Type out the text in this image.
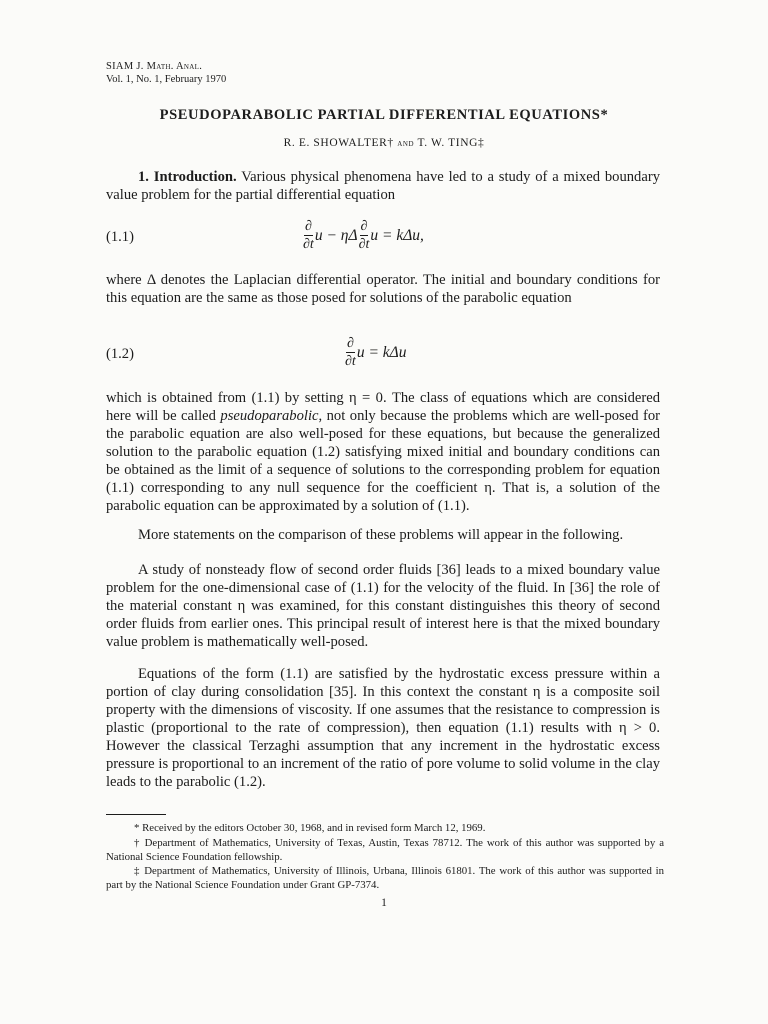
SIAM J. Math. Anal.
Vol. 1, No. 1, February 1970
PSEUDOPARABOLIC PARTIAL DIFFERENTIAL EQUATIONS*
R. E. SHOWALTER† and T. W. TING‡
1. Introduction. Various physical phenomena have led to a study of a mixed boundary value problem for the partial differential equation
(1.1)	$\frac{\partial}{\partial t}$ u − ηΔ $\frac{\partial}{\partial t}$ u = kΔu,
where Δ denotes the Laplacian differential operator. The initial and boundary conditions for this equation are the same as those posed for solutions of the parabolic equation
(1.2)	$\frac{\partial}{\partial t}$ u = kΔu
which is obtained from (1.1) by setting η = 0. The class of equations which are considered here will be called pseudoparabolic, not only because the problems which are well-posed for the parabolic equation are also well-posed for these equations, but because the generalized solution to the parabolic equation (1.2) satisfying mixed initial and boundary conditions can be obtained as the limit of a sequence of solutions to the corresponding problem for equation (1.1) corresponding to any null sequence for the coefficient η. That is, a solution of the parabolic equation can be approximated by a solution of (1.1).
More statements on the comparison of these problems will appear in the following.
A study of nonsteady flow of second order fluids [36] leads to a mixed boundary value problem for the one-dimensional case of (1.1) for the velocity of the fluid. In [36] the role of the material constant η was examined, for this constant distinguishes this theory of second order fluids from earlier ones. This principal result of interest here is that the mixed boundary value problem is mathematically well-posed.
Equations of the form (1.1) are satisfied by the hydrostatic excess pressure within a portion of clay during consolidation [35]. In this context the constant η is a composite soil property with the dimensions of viscosity. If one assumes that the resistance to compression is plastic (proportional to the rate of compression), then equation (1.1) results with η > 0. However the classical Terzaghi assumption that any increment in the hydrostatic excess pressure is proportional to an increment of the ratio of pore volume to solid volume in the clay leads to the parabolic (1.2).
* Received by the editors October 30, 1968, and in revised form March 12, 1969.
† Department of Mathematics, University of Texas, Austin, Texas 78712. The work of this author was supported by a National Science Foundation fellowship.
‡ Department of Mathematics, University of Illinois, Urbana, Illinois 61801. The work of this author was supported in part by the National Science Foundation under Grant GP-7374.
1
